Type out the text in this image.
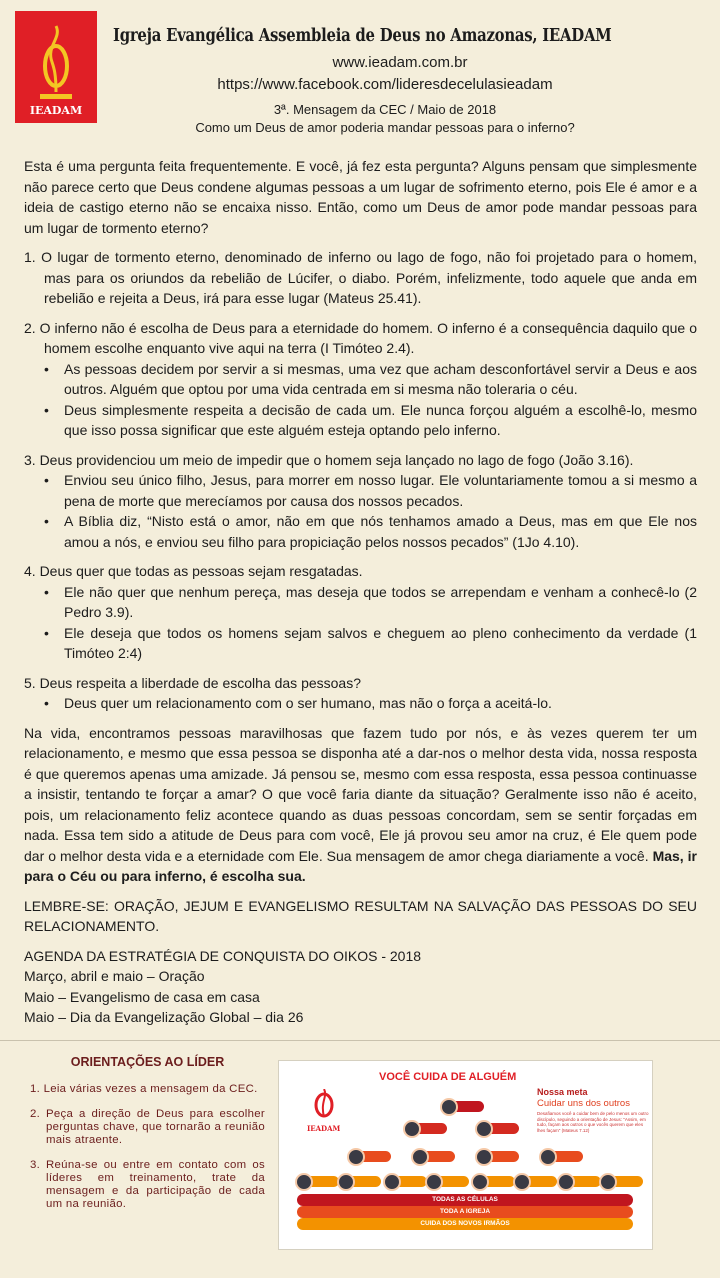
IEADAM
Igreja Evangélica Assembleia de Deus no Amazonas, IEADAM
www.ieadam.com.br
https://www.facebook.com/lideresdecelulasieadam
3ª. Mensagem da CEC / Maio de 2018
Como um Deus de amor poderia mandar pessoas para o inferno?

Esta é uma pergunta feita frequentemente. E você, já fez esta pergunta? Alguns pensam que simplesmente não parece certo que Deus condene algumas pessoas a um lugar de sofrimento eterno, pois Ele é amor e a ideia de castigo eterno não se encaixa nisso. Então, como um Deus de amor pode mandar pessoas para um lugar de tormento eterno?

1. O lugar de tormento eterno, denominado de inferno ou lago de fogo, não foi projetado para o homem, mas para os oriundos da rebelião de Lúcifer, o diabo. Porém, infelizmente, todo aquele que anda em rebelião e rejeita a Deus, irá para esse lugar (Mateus 25.41).
2. O inferno não é escolha de Deus para a eternidade do homem. O inferno é a consequência daquilo que o homem escolhe enquanto vive aqui na terra (I Timóteo 2.4).
• As pessoas decidem por servir a si mesmas, uma vez que acham desconfortável servir a Deus e aos outros. Alguém que optou por uma vida centrada em si mesma não toleraria o céu.
• Deus simplesmente respeita a decisão de cada um. Ele nunca forçou alguém a escolhê-lo, mesmo que isso possa significar que este alguém esteja optando pelo inferno.
3. Deus providenciou um meio de impedir que o homem seja lançado no lago de fogo (João 3.16).
• Enviou seu único filho, Jesus, para morrer em nosso lugar. Ele voluntariamente tomou a si mesmo a pena de morte que merecíamos por causa dos nossos pecados.
• A Bíblia diz, “Nisto está o amor, não em que nós tenhamos amado a Deus, mas em que Ele nos amou a nós, e enviou seu filho para propiciação pelos nossos pecados” (1Jo 4.10).
4. Deus quer que todas as pessoas sejam resgatadas.
• Ele não quer que nenhum pereça, mas deseja que todos se arrependam e venham a conhecê-lo (2 Pedro 3.9).
• Ele deseja que todos os homens sejam salvos e cheguem ao pleno conhecimento da verdade (1 Timóteo 2:4)
5. Deus respeita a liberdade de escolha das pessoas?
• Deus quer um relacionamento com o ser humano, mas não o força a aceitá-lo.

Na vida, encontramos pessoas maravilhosas que fazem tudo por nós, e às vezes querem ter um relacionamento, e mesmo que essa pessoa se disponha até a dar-nos o melhor desta vida, nossa resposta é que queremos apenas uma amizade. Já pensou se, mesmo com essa resposta, essa pessoa continuasse a insistir, tentando te forçar a amar? O que você faria diante da situação? Geralmente isso não é aceito, pois, um relacionamento feliz acontece quando as duas pessoas concordam, sem se sentir forçadas em nada. Essa tem sido a atitude de Deus para com você, Ele já provou seu amor na cruz, é Ele quem pode dar o melhor desta vida e a eternidade com Ele. Sua mensagem de amor chega diariamente a você. Mas, ir para o Céu ou para inferno, é escolha sua.

LEMBRE-SE: ORAÇÃO, JEJUM E EVANGELISMO RESULTAM NA SALVAÇÃO DAS PESSOAS DO SEU RELACIONAMENTO.

AGENDA DA ESTRATÉGIA DE CONQUISTA DO OIKOS - 2018
Março, abril e maio – Oração
Maio – Evangelismo de casa em casa
Maio – Dia da Evangelização Global – dia 26
ORIENTAÇÕES AO LÍDER
1. Leia várias vezes a mensagem da CEC.
2. Peça a direção de Deus para escolher perguntas chave, que tornarão a reunião mais atraente.
3. Reúna-se ou entre em contato com os líderes em treinamento, trate da mensagem e da participação de cada um na reunião.
VOCÊ CUIDA DE ALGUÉM
IEADAM
Nossa meta
Cuidar uns dos outros
Desafiamos você a cuidar bem de pelo menos um outro discípulo, seguindo a orientação de Jesus: "Assim, em tudo, façam aos outros o que vocês querem que eles lhes façam" (Mateus 7.12)
TODAS AS CÉLULAS
TODA A IGREJA
CUIDA DOS NOVOS IRMÃOS
